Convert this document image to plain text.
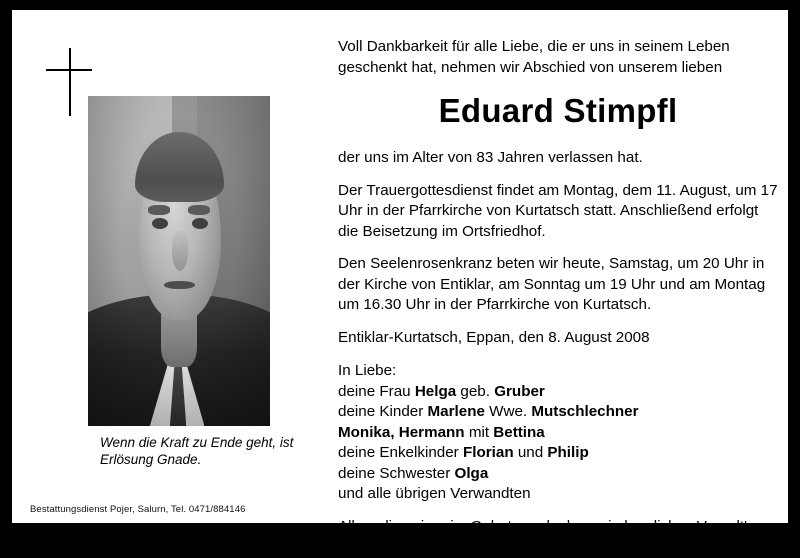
Wenn die Kraft zu Ende geht, ist Erlösung Gnade.
Bestattungsdienst Pojer, Salurn, Tel. 0471/884146
Voll Dankbarkeit für alle Liebe, die er uns in seinem Leben geschenkt hat, nehmen wir Abschied von unserem lieben
Eduard Stimpfl
der uns im Alter von 83 Jahren verlassen hat.
Der Trauergottesdienst findet am Montag, dem 11. August, um 17 Uhr in der Pfarrkirche von Kurtatsch statt. Anschließend erfolgt die Beisetzung im Ortsfriedhof.
Den Seelenrosenkranz beten wir heute, Samstag, um 20 Uhr in der Kirche von Entiklar, am Sonntag um 19 Uhr und am Montag um 16.30 Uhr in der Pfarrkirche von Kurtatsch.
Entiklar-Kurtatsch, Eppan, den 8. August 2008
In Liebe:
deine Frau Helga geb. Gruber
deine Kinder Marlene Wwe. Mutschlechner
Monika, Hermann mit Bettina
deine Enkelkinder Florian und Philip
deine Schwester Olga
und alle übrigen Verwandten
Allen, die seiner im Gebete gedenken, ein herzliches Vergelt's Gott.
